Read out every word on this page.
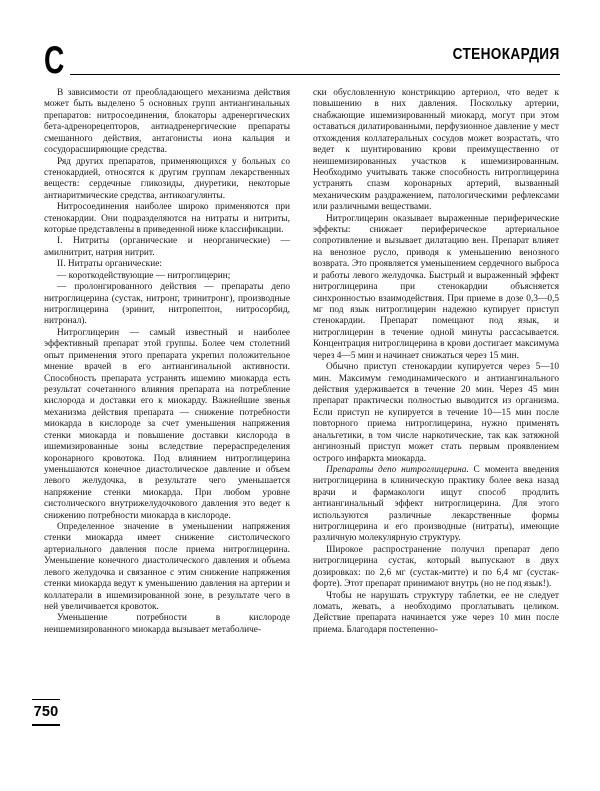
С	СТЕНОКАРДИЯ

В зависимости от преобладающего механизма действия может быть выделено 5 основных групп антиангинальных препаратов: нитросоединения, блокаторы адренергических бета-адренорецепторов, антиадренергические препараты смешанного действия, антагонисты иона кальция и сосудорасширяющие средства.

Ряд других препаратов, применяющихся у больных со стенокардией, относятся к другим группам лекарственных веществ: сердечные гликозиды, диуретики, некоторые антиаритмические средства, антикоагулянты.

Нитросоединения наиболее широко применяются при стенокардии. Они подразделяются на нитраты и нитриты, которые представлены в приведенной ниже классификации.

I. Нитриты (органические и неорганические) — амилнитрит, натрия нитрит.

II. Нитраты органические:

— короткодействующие — нитроглицерин;

— пролонгированного действия — препараты депо нитроглицерина (сустак, нитронг, тринитронг), производные нитроглицерина (эринит, нитропептон, нитросорбид, нитронал).

Нитроглицерин — самый известный и наиболее эффективный препарат этой группы. Более чем столетний опыт применения этого препарата укрепил положительное мнение врачей в его антиангинальной активности. Способность препарата устранять ишемию миокарда есть результат сочетанного влияния препарата на потребление кислорода и доставки его к миокарду. Важнейшие звенья механизма действия препарата — снижение потребности миокарда в кислороде за счет уменьшения напряжения стенки миокарда и повышение доставки кислорода в ишемизированные зоны вследствие перераспределения коронарного кровотока. Под влиянием нитроглицерина уменьшаются конечное диастолическое давление и объем левого желудочка, в результате чего уменьшается напряжение стенки миокарда. При любом уровне систолического внутрижелудочкового давления это ведет к снижению потребности миокарда в кислороде.

Определенное значение в уменьшении напряжения стенки миокарда имеет снижение систолического артериального давления после приема нитроглицерина. Уменьшение конечного диастолического давления и объема левого желудочка и связанное с этим снижение напряжения стенки миокарда ведут к уменьшению давления на артерии и коллатерали в ишемизированной зоне, в результате чего в ней увеличивается кровоток.

Уменьшение потребности в кислороде неишемизированного миокарда вызывает метаболиче-

ски обусловленную констрикцию артериол, что ведет к повышению в них давления. Поскольку артерии, снабжающие ишемизированный миокард, могут при этом оставаться дилатированными, перфузионное давление у мест отхождения коллатеральных сосудов может возрастать, что ведет к шунтированию крови преимущественно от неишемизированных участков к ишемизированным. Необходимо учитывать также способность нитроглицерина устранять спазм коронарных артерий, вызванный механическим раздражением, патологическими рефлексами или различными веществами.

Нитроглицерин оказывает выраженные периферические эффекты: снижает периферическое артериальное сопротивление и вызывает дилатацию вен. Препарат влияет на венозное русло, приводя к уменьшению венозного возврата. Это проявляется уменьшением сердечного выброса и работы левого желудочка. Быстрый и выраженный эффект нитроглицерина при стенокардии объясняется синхронностью взаимодействия. При приеме в дозе 0,3—0,5 мг под язык нитроглицерин надежно купирует приступ стенокардии. Препарат помещают под язык, и нитроглицерин в течение одной минуты рассасывается. Концентрация нитроглицерина в крови достигает максимума через 4—5 мин и начинает снижаться через 15 мин.

Обычно приступ стенокардии купируется через 5—10 мин. Максимум гемодинамического и антиангинального действия удерживается в течение 20 мин. Через 45 мин препарат практически полностью выводится из организма. Если приступ не купируется в течение 10—15 мин после повторного приема нитроглицерина, нужно применять анальгетики, в том числе наркотические, так как затяжной ангинозный приступ может стать первым проявлением острого инфаркта миокарда.

Препараты депо нитроглицерина. С момента введения нитроглицерина в клиническую практику более века назад врачи и фармакологи ищут способ продлить антиангинальный эффект нитроглицерина. Для этого используются различные лекарственные формы нитроглицерина и его производные (нитраты), имеющие различную молекулярную структуру.

Широкое распространение получил препарат депо нитроглицерина сустак, который выпускают в двух дозировках: по 2,6 мг (сустак-митте) и по 6,4 мг (сустак-форте). Этот препарат принимают внутрь (но не под язык!).

Чтобы не нарушать структуру таблетки, ее не следует ломать, жевать, а необходимо проглатывать целиком. Действие препарата начинается уже через 10 мин после приема. Благодаря постепенно-

750
